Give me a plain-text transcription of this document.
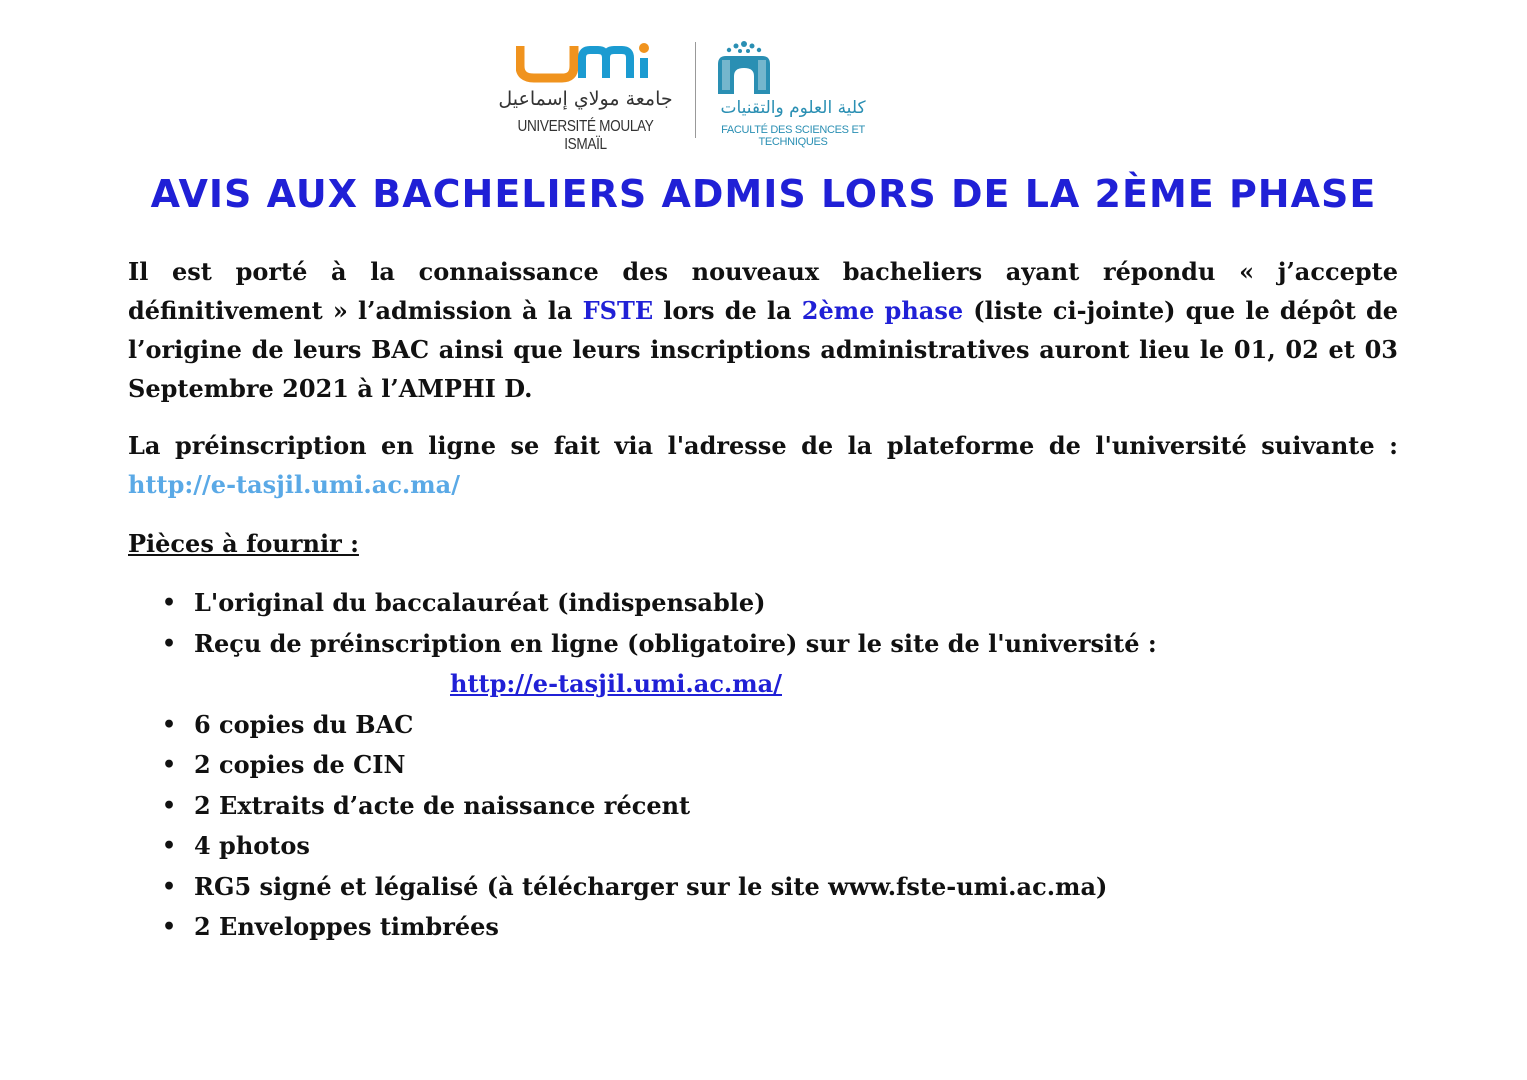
جامعة مولاي إسماعيل
UNIVERSITÉ MOULAY ISMAÏL
كلية العلوم والتقنيات
FACULTÉ DES SCIENCES ET TECHNIQUES
AVIS AUX BACHELIERS ADMIS LORS DE LA 2ÈME PHASE

Il est porté à la connaissance des nouveaux bacheliers ayant répondu « j’accepte définitivement » l’admission à la FSTE lors de la 2ème phase (liste ci-jointe) que le dépôt de l’origine de leurs BAC ainsi que leurs inscriptions administratives auront lieu le 01, 02 et 03 Septembre 2021 à l’AMPHI D.

La préinscription en ligne se fait via l'adresse de la plateforme de l'université suivante : http://e-tasjil.umi.ac.ma/

Pièces à fournir :

• L'original du baccalauréat (indispensable)
• Reçu de préinscription en ligne (obligatoire) sur le site de l'université :
http://e-tasjil.umi.ac.ma/
• 6 copies du BAC
• 2 copies de CIN
• 2 Extraits d’acte de naissance récent
• 4 photos
• RG5 signé et légalisé (à télécharger sur le site www.fste-umi.ac.ma)
• 2 Enveloppes timbrées
